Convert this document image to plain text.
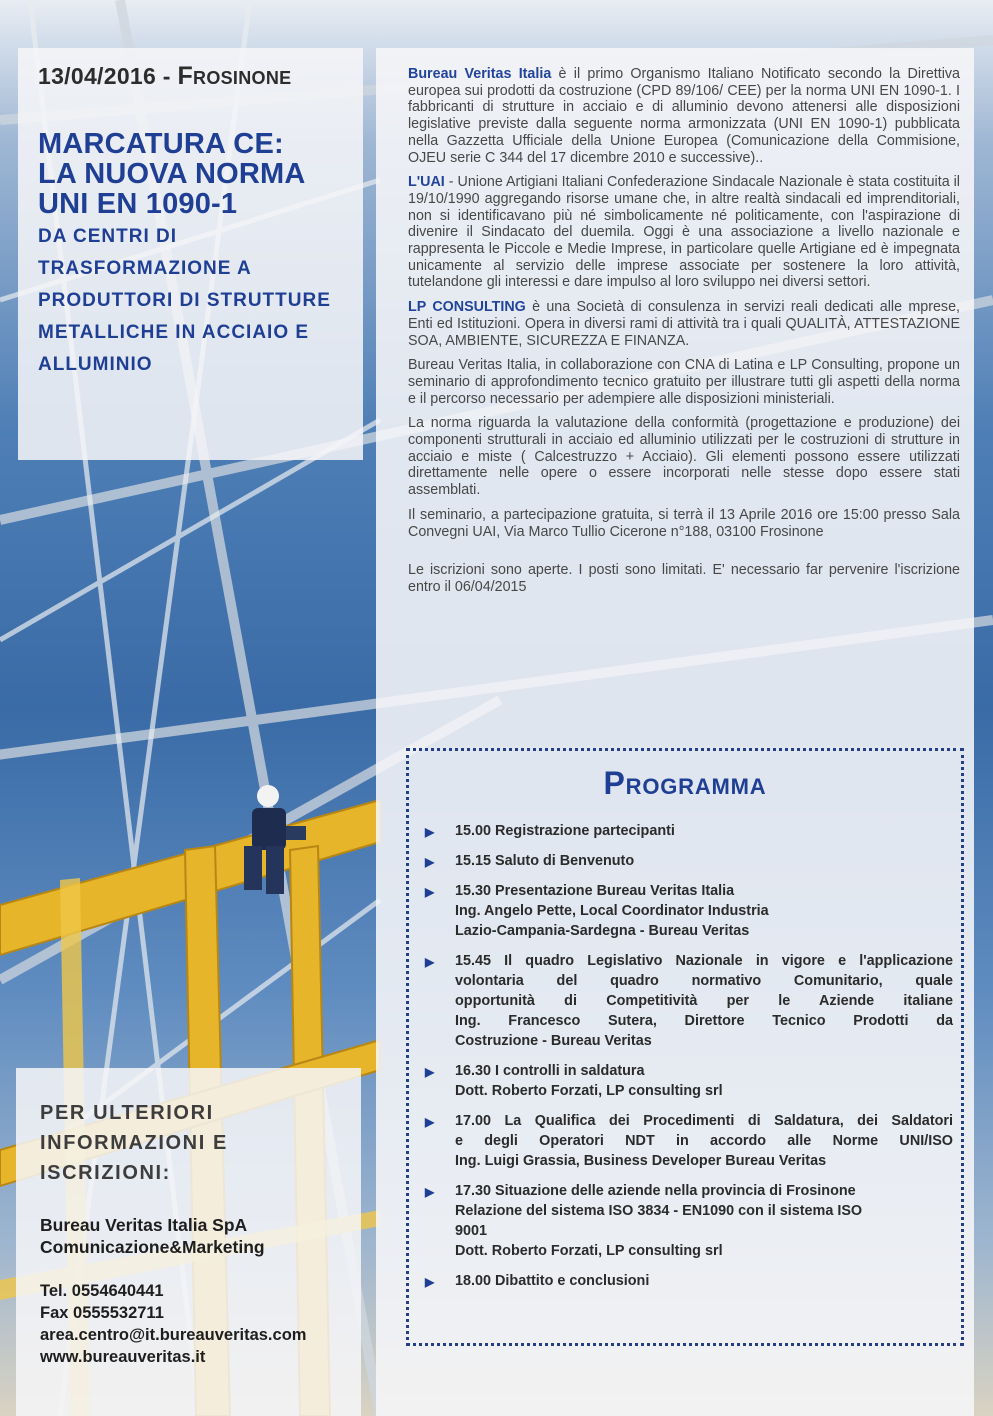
13/04/2016 - Frosinone
MARCATURA CE:
LA NUOVA NORMA
UNI EN 1090-1
DA CENTRI DI
TRASFORMAZIONE A
PRODUTTORI DI STRUTTURE
METALLICHE IN ACCIAIO E
ALLUMINIO
PER ULTERIORI
INFORMAZIONI E
ISCRIZIONI:
Bureau Veritas Italia SpA
Comunicazione&Marketing
Tel. 0554640441
Fax 0555532711
area.centro@it.bureauveritas.com
www.bureauveritas.it

Bureau Veritas Italia è il primo Organismo Italiano Notificato secondo la Direttiva europea sui prodotti da costruzione (CPD 89/106/ CEE) per la norma UNI EN 1090-1. I fabbricanti di strutture in acciaio e di alluminio devono attenersi alle disposizioni legislative previste dalla seguente norma armonizzata (UNI EN 1090-1) pubblicata nella Gazzetta Ufficiale della Unione Europea (Comunicazione della Commisione, OJEU serie C 344 del 17 dicembre 2010 e successive)..

L'UAI - Unione Artigiani Italiani Confederazione Sindacale Nazionale è stata costituita il 19/10/1990 aggregando risorse umane che, in altre realtà sindacali ed imprenditoriali, non si identificavano più né simbolicamente né politicamente, con l'aspirazione di divenire il Sindacato del duemila. Oggi è una associazione a livello nazionale e rappresenta le Piccole e Medie Imprese, in particolare quelle Artigiane ed è impegnata unicamente al servizio delle imprese associate per sostenere la loro attività, tutelandone gli interessi e dare impulso al loro sviluppo nei diversi settori.

LP CONSULTING è una Società di consulenza in servizi reali dedicati alle mprese, Enti ed Istituzioni. Opera in diversi rami di attività tra i quali QUALITÀ, ATTESTAZIONE SOA, AMBIENTE, SICUREZZA E FINANZA.

Bureau Veritas Italia, in collaborazione con CNA di Latina e LP Consulting, propone un seminario di approfondimento tecnico gratuito per illustrare tutti gli aspetti della norma e il percorso necessario per adempiere alle disposizioni ministeriali.

La norma riguarda la valutazione della conformità (progettazione e produzione) dei componenti strutturali in acciaio ed alluminio utilizzati per le costruzioni di strutture in acciaio e miste ( Calcestruzzo + Acciaio). Gli elementi possono essere utilizzati direttamente nelle opere o essere incorporati nelle stesse dopo essere stati assemblati.

Il seminario, a partecipazione gratuita, si terrà il 13 Aprile 2016 ore 15:00 presso Sala Convegni UAI, Via Marco Tullio Cicerone n°188, 03100 Frosinone

Le iscrizioni sono aperte. I posti sono limitati. E' necessario far pervenire l'iscrizione entro il 06/04/2015

Programma
▶ 15.00 Registrazione partecipanti
▶ 15.15 Saluto di Benvenuto
▶ 15.30 Presentazione Bureau Veritas Italia
Ing. Angelo Pette, Local Coordinator Industria
Lazio-Campania-Sardegna - Bureau Veritas
▶ 15.45 Il quadro Legislativo Nazionale in vigore e l'applicazione
volontaria del quadro normativo Comunitario, quale
opportunità di Competitività per le Aziende italiane
Ing. Francesco Sutera, Direttore Tecnico Prodotti da
Costruzione - Bureau Veritas
▶ 16.30 I controlli in saldatura
Dott. Roberto Forzati, LP consulting srl
▶ 17.00 La Qualifica dei Procedimenti di Saldatura, dei Saldatori
e degli Operatori NDT in accordo alle Norme UNI/ISO
Ing. Luigi Grassia, Business Developer Bureau Veritas
▶ 17.30 Situazione delle aziende nella provincia di Frosinone
Relazione del sistema ISO 3834 - EN1090 con il sistema ISO
9001
Dott. Roberto Forzati, LP consulting srl
▶ 18.00 Dibattito e conclusioni
